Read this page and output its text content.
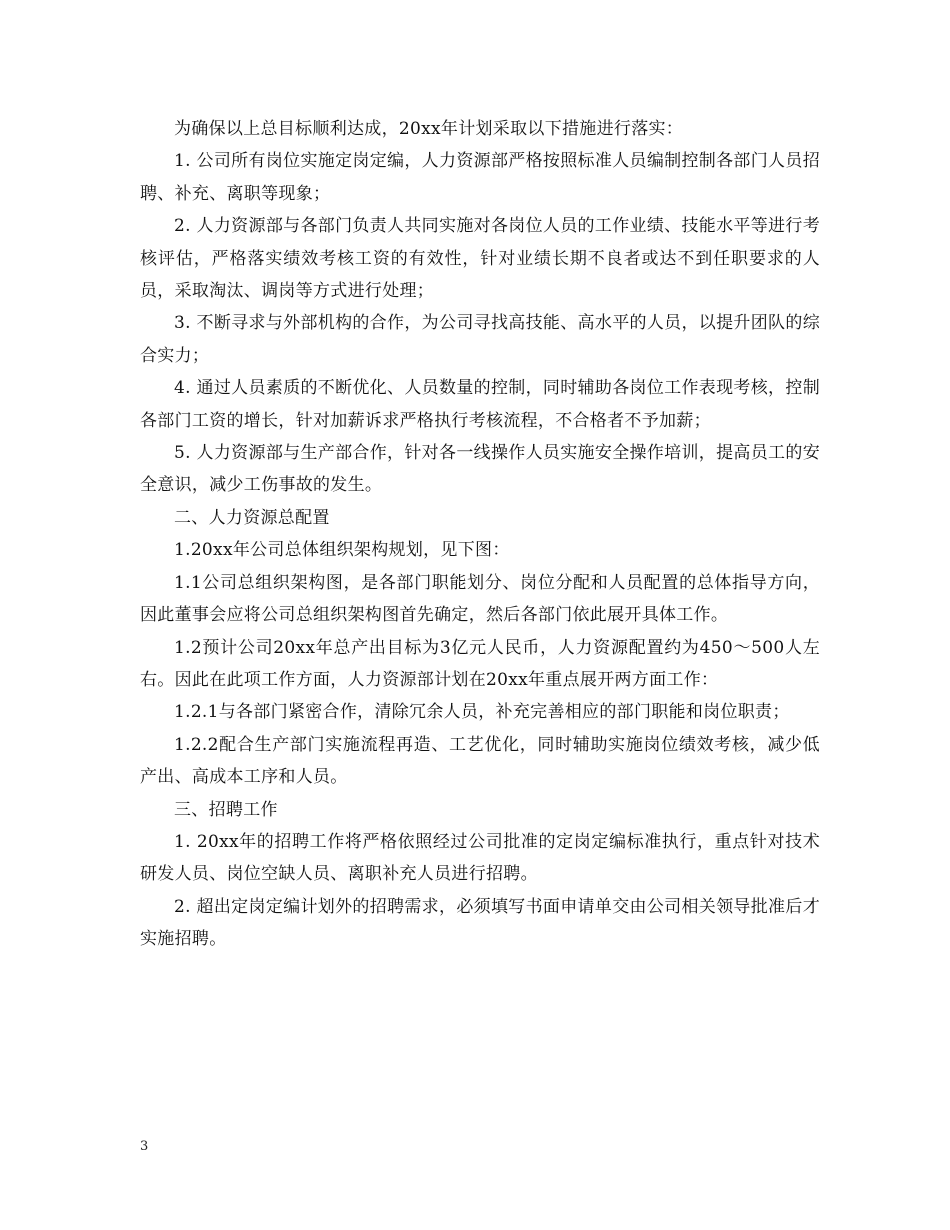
为确保以上总目标顺利达成，20xx年计划采取以下措施进行落实：

1. 公司所有岗位实施定岗定编，人力资源部严格按照标准人员编制控制各部门人员招聘、补充、离职等现象；

2. 人力资源部与各部门负责人共同实施对各岗位人员的工作业绩、技能水平等进行考核评估，严格落实绩效考核工资的有效性，针对业绩长期不良者或达不到任职要求的人员，采取淘汰、调岗等方式进行处理；

3. 不断寻求与外部机构的合作，为公司寻找高技能、高水平的人员，以提升团队的综合实力；

4. 通过人员素质的不断优化、人员数量的控制，同时辅助各岗位工作表现考核，控制各部门工资的增长，针对加薪诉求严格执行考核流程，不合格者不予加薪；

5. 人力资源部与生产部合作，针对各一线操作人员实施安全操作培训，提高员工的安全意识，减少工伤事故的发生。

二、人力资源总配置

1.20xx年公司总体组织架构规划，见下图：

1.1公司总组织架构图，是各部门职能划分、岗位分配和人员配置的总体指导方向，因此董事会应将公司总组织架构图首先确定，然后各部门依此展开具体工作。

1.2预计公司20xx年总产出目标为3亿元人民币，人力资源配置约为450～500人左右。因此在此项工作方面，人力资源部计划在20xx年重点展开两方面工作：

1.2.1与各部门紧密合作，清除冗余人员，补充完善相应的部门职能和岗位职责；

1.2.2配合生产部门实施流程再造、工艺优化，同时辅助实施岗位绩效考核，减少低产出、高成本工序和人员。

三、招聘工作

1. 20xx年的招聘工作将严格依照经过公司批准的定岗定编标准执行，重点针对技术研发人员、岗位空缺人员、离职补充人员进行招聘。

2. 超出定岗定编计划外的招聘需求，必须填写书面申请单交由公司相关领导批准后才实施招聘。

3
